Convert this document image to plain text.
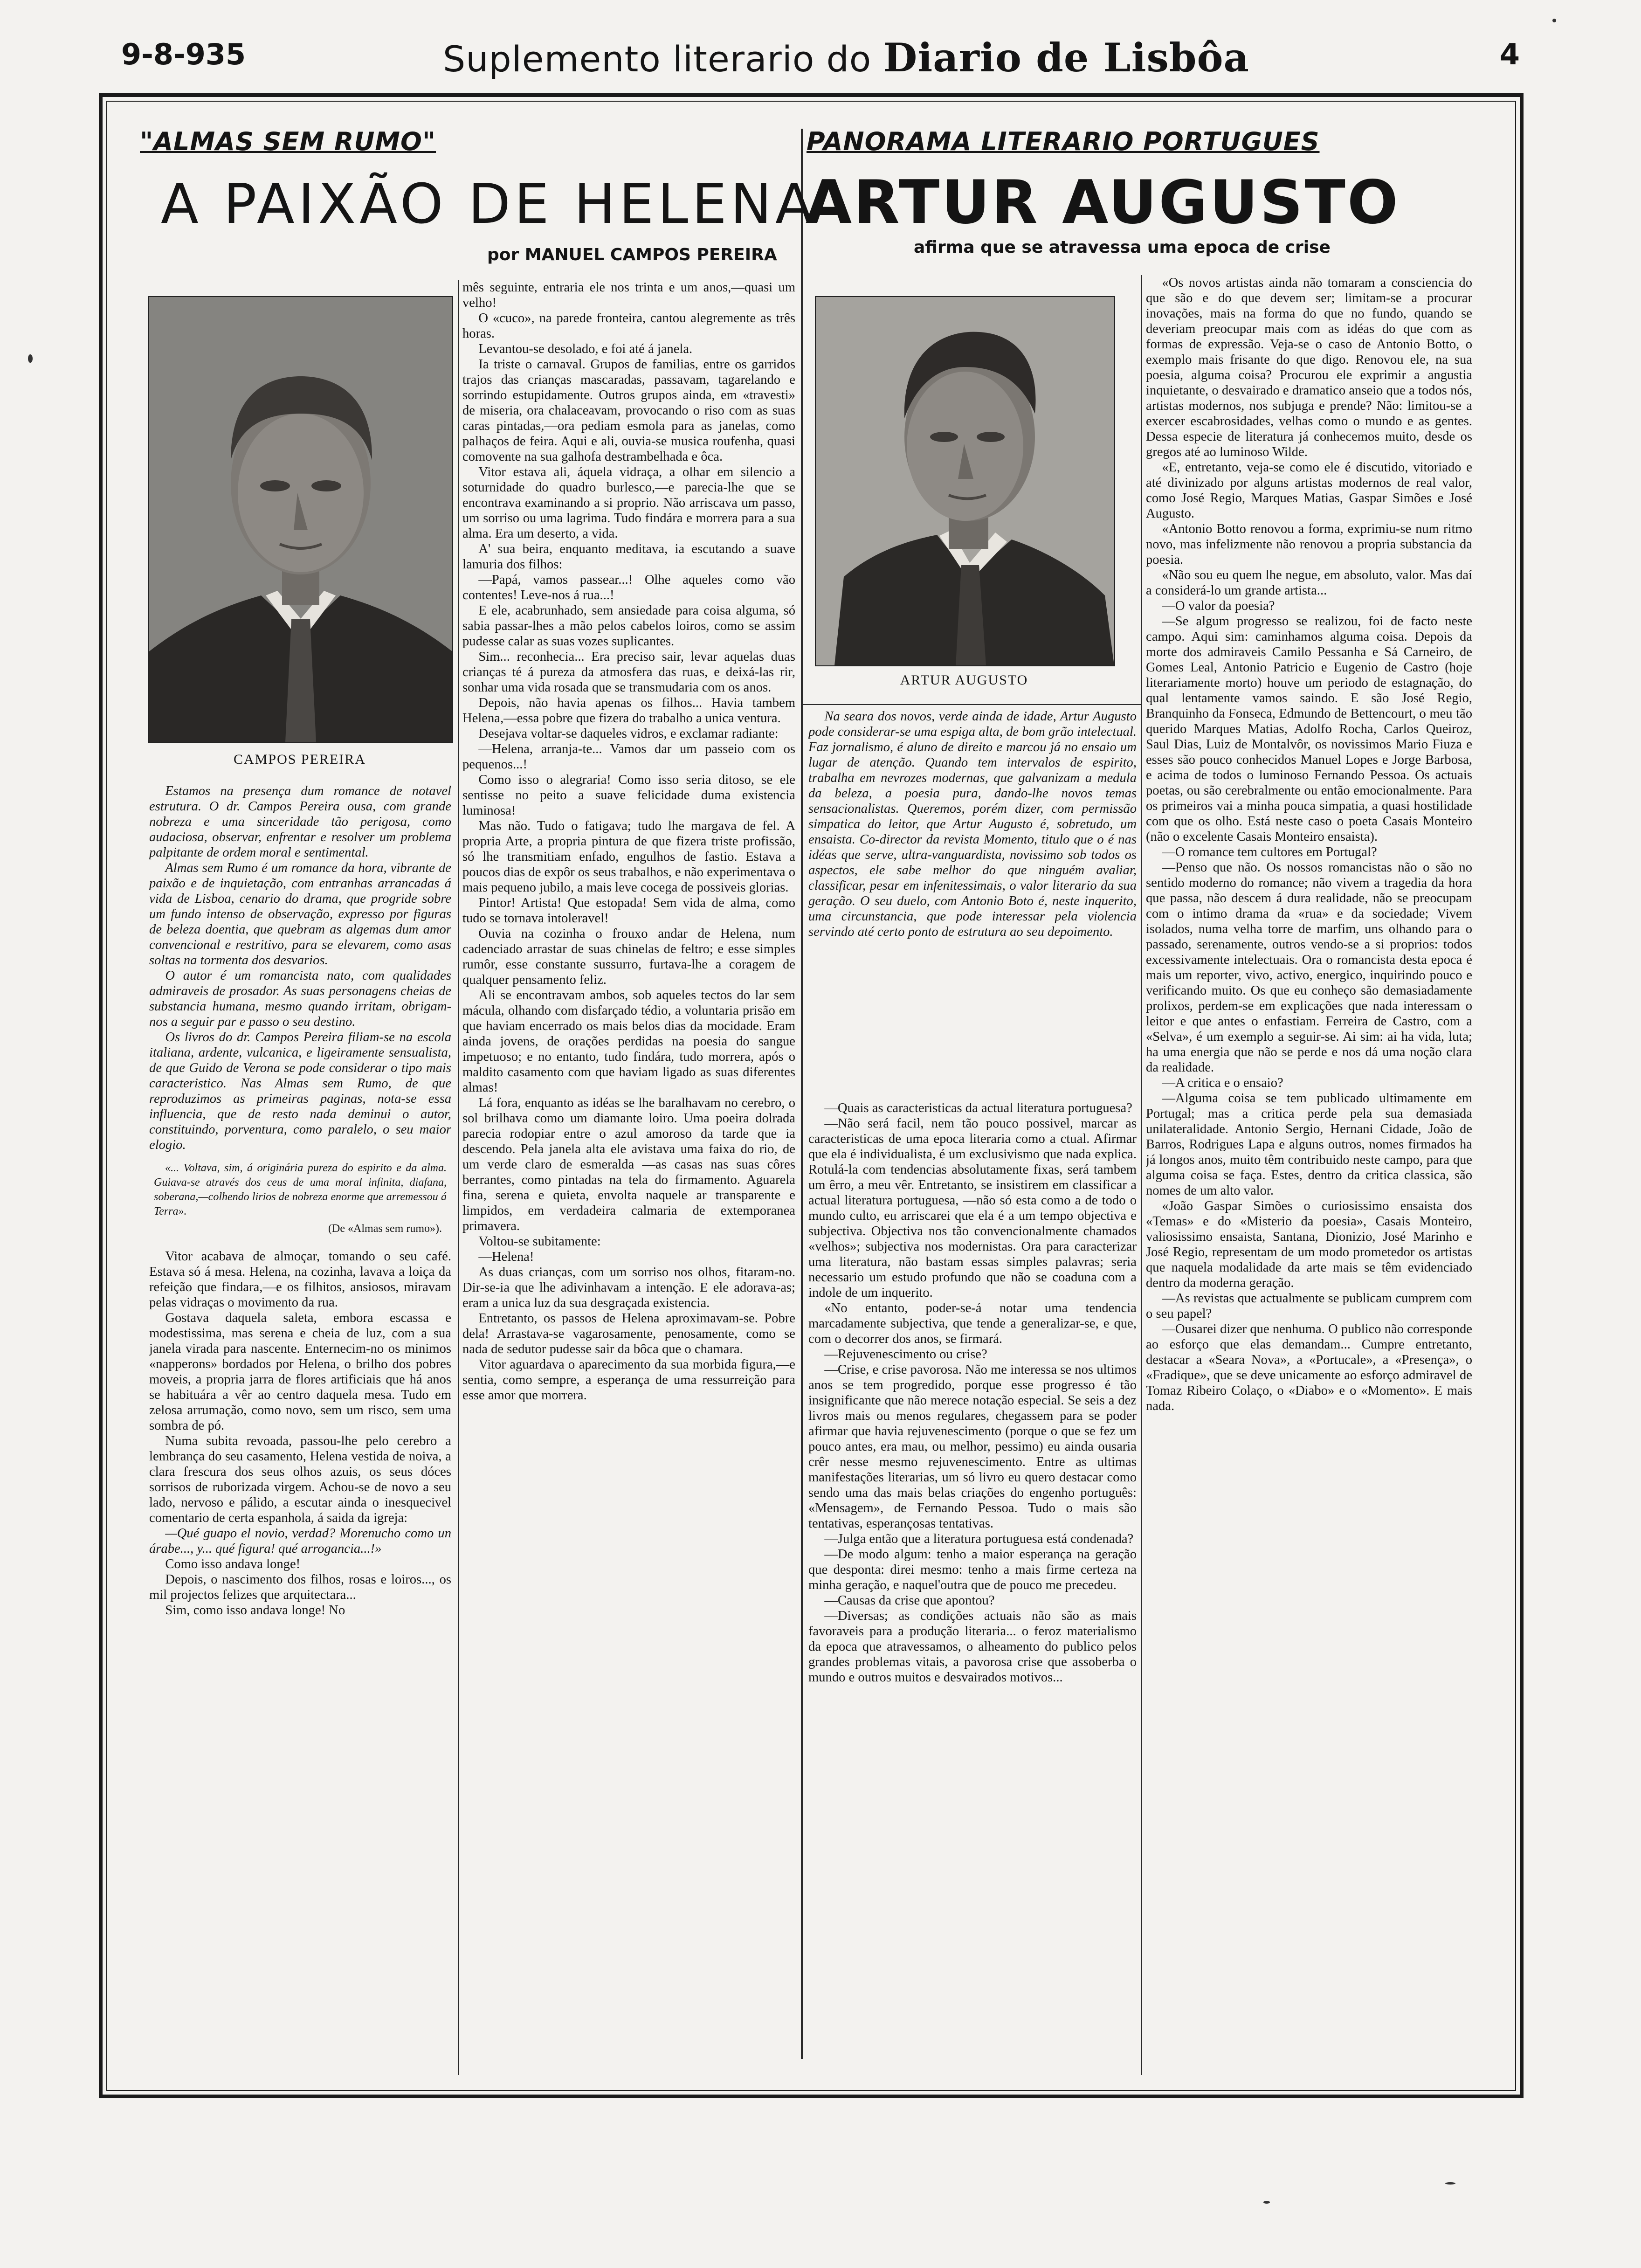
9-8-935	Suplemento literario do Diario de Lisbôa	4
"ALMAS SEM RUMO"
A PAIXÃO DE HELENA
por MANUEL CAMPOS PEREIRA
CAMPOS PEREIRA

Estamos na presença dum romance de notavel estrutura. O dr. Campos Pereira ousa, com grande nobreza e uma sinceridade tão perigosa, como audaciosa, observar, enfrentar e resolver um problema palpitante de ordem moral e sentimental.

Almas sem Rumo é um romance da hora, vibrante de paixão e de inquietação, com entranhas arrancadas á vida de Lisboa, cenario do drama, que progride sobre um fundo intenso de observação, expresso por figuras de beleza doentia, que quebram as algemas dum amor convencional e restritivo, para se elevarem, como asas soltas na tormenta dos desvarios.

O autor é um romancista nato, com qualidades admiraveis de prosador. As suas personagens cheias de substancia humana, mesmo quando irritam, obrigam-nos a seguir par e passo o seu destino.

Os livros do dr. Campos Pereira filiam-se na escola italiana, ardente, vulcanica, e ligeiramente sensualista, de que Guido de Verona se pode considerar o tipo mais caracteristico. Nas Almas sem Rumo, de que reproduzimos as primeiras paginas, nota-se essa influencia, que de resto nada deminui o autor, constituindo, porventura, como paralelo, o seu maior elogio.

«... Voltava, sim, á originária pureza do espirito e da alma. Guiava-se através dos ceus de uma moral infinita, diafana, soberana,—colhendo lirios de nobreza enorme que arremessou á Terra».

(De «Almas sem rumo»).

Vitor acabava de almoçar, tomando o seu café. Estava só á mesa. Helena, na cozinha, lavava a loiça da refeição que findara,—e os filhitos, ansiosos, miravam pelas vidraças o movimento da rua.

Gostava daquela saleta, embora escassa e modestissima, mas serena e cheia de luz, com a sua janela virada para nascente. Enternecim-no os minimos «napperons» bordados por Helena, o brilho dos pobres moveis, a propria jarra de flores artificiais que há anos se habituára a vêr ao centro daquela mesa. Tudo em zelosa arrumação, como novo, sem um risco, sem uma sombra de pó.

Numa subita revoada, passou-lhe pelo cerebro a lembrança do seu casamento, Helena vestida de noiva, a clara frescura dos seus olhos azuis, os seus dóces sorrisos de ruborizada virgem. Achou-se de novo a seu lado, nervoso e pálido, a escutar ainda o inesquecivel comentario de certa espanhola, á saida da igreja:

—Qué guapo el novio, verdad? Morenucho como un árabe..., y... qué figura! qué arrogancia...!»

Como isso andava longe!

Depois, o nascimento dos filhos, rosas e loiros..., os mil projectos felizes que arquitectara...

Sim, como isso andava longe! No

mês seguinte, entraria ele nos trinta e um anos,—quasi um velho!

O «cuco», na parede fronteira, cantou alegremente as três horas.

Levantou-se desolado, e foi até á janela.

Ia triste o carnaval. Grupos de familias, entre os garridos trajos das crianças mascaradas, passavam, tagarelando e sorrindo estupidamente. Outros grupos ainda, em «travesti» de miseria, ora chalaceavam, provocando o riso com as suas caras pintadas,—ora pediam esmola para as janelas, como palhaços de feira. Aqui e ali, ouvia-se musica roufenha, quasi comovente na sua galhofa destrambelhada e ôca.

Vitor estava ali, áquela vidraça, a olhar em silencio a soturnidade do quadro burlesco,—e parecia-lhe que se encontrava examinando a si proprio. Não arriscava um passo, um sorriso ou uma lagrima. Tudo findára e morrera para a sua alma. Era um deserto, a vida.

A' sua beira, enquanto meditava, ia escutando a suave lamuria dos filhos:

—Papá, vamos passear...! Olhe aqueles como vão contentes! Leve-nos á rua...!

E ele, acabrunhado, sem ansiedade para coisa alguma, só sabia passar-lhes a mão pelos cabelos loiros, como se assim pudesse calar as suas vozes suplicantes.

Sim... reconhecia... Era preciso sair, levar aquelas duas crianças té á pureza da atmosfera das ruas, e deixá-las rir, sonhar uma vida rosada que se transmudaria com os anos.

Depois, não havia apenas os filhos... Havia tambem Helena,—essa pobre que fizera do trabalho a unica ventura.

Desejava voltar-se daqueles vidros, e exclamar radiante:

—Helena, arranja-te... Vamos dar um passeio com os pequenos...!

Como isso o alegraria! Como isso seria ditoso, se ele sentisse no peito a suave felicidade duma existencia luminosa!

Mas não. Tudo o fatigava; tudo lhe margava de fel. A propria Arte, a propria pintura de que fizera triste profissão, só lhe transmitiam enfado, engulhos de fastio. Estava a poucos dias de expôr os seus trabalhos, e não experimentava o mais pequeno jubilo, a mais leve cocega de possiveis glorias.

Pintor! Artista! Que estopada! Sem vida de alma, como tudo se tornava intoleravel!

Ouvia na cozinha o frouxo andar de Helena, num cadenciado arrastar de suas chinelas de feltro; e esse simples rumôr, esse constante sussurro, furtava-lhe a coragem de qualquer pensamento feliz.

Ali se encontravam ambos, sob aqueles tectos do lar sem mácula, olhando com disfarçado tédio, a voluntaria prisão em que haviam encerrado os mais belos dias da mocidade. Eram ainda jovens, de orações perdidas na poesia do sangue impetuoso; e no entanto, tudo findára, tudo morrera, após o maldito casamento com que haviam ligado as suas diferentes almas!

Lá fora, enquanto as idéas se lhe baralhavam no cerebro, o sol brilhava como um diamante loiro. Uma poeira dolrada parecia rodopiar entre o azul amoroso da tarde que ia descendo. Pela janela alta ele avistava uma faixa do rio, de um verde claro de esmeralda —as casas nas suas côres berrantes, como pintadas na tela do firmamento. Aguarela fina, serena e quieta, envolta naquele ar transparente e limpidos, em verdadeira calmaria de extemporanea primavera.

Voltou-se subitamente:

—Helena!

As duas crianças, com um sorriso nos olhos, fitaram-no. Dir-se-ia que lhe adivinhavam a intenção. E ele adorava-as; eram a unica luz da sua desgraçada existencia.

Entretanto, os passos de Helena aproximavam-se. Pobre dela! Arrastava-se vagarosamente, penosamente, como se nada de sedutor pudesse sair da bôca que o chamara.

Vitor aguardava o aparecimento da sua morbida figura,—e sentia, como sempre, a esperança de uma ressurreição para esse amor que morrera.

PANORAMA LITERARIO PORTUGUES
ARTUR AUGUSTO
afirma que se atravessa uma epoca de crise
ARTUR AUGUSTO

Na seara dos novos, verde ainda de idade, Artur Augusto pode considerar-se uma espiga alta, de bom grão intelectual. Faz jornalismo, é aluno de direito e marcou já no ensaio um lugar de atenção. Quando tem intervalos de espirito, trabalha em nevrozes modernas, que galvanizam a medula da beleza, a poesia pura, dando-lhe novos temas sensacionalistas. Queremos, porém dizer, com permissão simpatica do leitor, que Artur Augusto é, sobretudo, um ensaista. Co-director da revista Momento, titulo que o é nas idéas que serve, ultra-vanguardista, novissimo sob todos os aspectos, ele sabe melhor do que ninguém avaliar, classificar, pesar em infenitessimais, o valor literario da sua geração. O seu duelo, com Antonio Boto é, neste inquerito, uma circunstancia, que pode interessar pela violencia servindo até certo ponto de estrutura ao seu depoimento.

—Quais as caracteristicas da actual literatura portuguesa?

—Não será facil, nem tão pouco possivel, marcar as caracteristicas de uma epoca literaria como a ctual. Afirmar que ela é individualista, é um exclusivismo que nada explica. Rotulá-la com tendencias absolutamente fixas, será tambem um êrro, a meu vêr. Entretanto, se insistirem em classificar a actual literatura portuguesa, —não só esta como a de todo o mundo culto, eu arriscarei que ela é a um tempo objectiva e subjectiva. Objectiva nos tão convencionalmente chamados «velhos»; subjectiva nos modernistas. Ora para caracterizar uma literatura, não bastam essas simples palavras; seria necessario um estudo profundo que não se coaduna com a indole de um inquerito.

«No entanto, poder-se-á notar uma tendencia marcadamente subjectiva, que tende a generalizar-se, e que, com o decorrer dos anos, se firmará.

—Rejuvenescimento ou crise?

—Crise, e crise pavorosa. Não me interessa se nos ultimos anos se tem progredido, porque esse progresso é tão insignificante que não merece notação especial. Se seis a dez livros mais ou menos regulares, chegassem para se poder afirmar que havia rejuvenescimento (porque o que se fez um pouco antes, era mau, ou melhor, pessimo) eu ainda ousaria crêr nesse mesmo rejuvenescimento. Entre as ultimas manifestações literarias, um só livro eu quero destacar como sendo uma das mais belas criações do engenho português: «Mensagem», de Fernando Pessoa. Tudo o mais são tentativas, esperançosas tentativas.

—Julga então que a literatura portuguesa está condenada?

—De modo algum: tenho a maior esperança na geração que desponta: direi mesmo: tenho a mais firme certeza na minha geração, e naquel'outra que de pouco me precedeu.

—Causas da crise que apontou?

—Diversas; as condições actuais não são as mais favoraveis para a produção literaria... o feroz materialismo da epoca que atravessamos, o alheamento do publico pelos grandes problemas vitais, a pavorosa crise que assoberba o mundo e outros muitos e desvairados motivos...

«Os novos artistas ainda não tomaram a consciencia do que são e do que devem ser; limitam-se a procurar inovações, mais na forma do que no fundo, quando se deveriam preocupar mais com as idéas do que com as formas de expressão. Veja-se o caso de Antonio Botto, o exemplo mais frisante do que digo. Renovou ele, na sua poesia, alguma coisa? Procurou ele exprimir a angustia inquietante, o desvairado e dramatico anseio que a todos nós, artistas modernos, nos subjuga e prende? Não: limitou-se a exercer escabrosidades, velhas como o mundo e as gentes. Dessa especie de literatura já conhecemos muito, desde os gregos até ao luminoso Wilde.

«E, entretanto, veja-se como ele é discutido, vitoriado e até divinizado por alguns artistas modernos de real valor, como José Regio, Marques Matias, Gaspar Simões e José Augusto.

«Antonio Botto renovou a forma, exprimiu-se num ritmo novo, mas infelizmente não renovou a propria substancia da poesia.

«Não sou eu quem lhe negue, em absoluto, valor. Mas daí a considerá-lo um grande artista...

—O valor da poesia?

—Se algum progresso se realizou, foi de facto neste campo. Aqui sim: caminhamos alguma coisa. Depois da morte dos admiraveis Camilo Pessanha e Sá Carneiro, de Gomes Leal, Antonio Patricio e Eugenio de Castro (hoje literariamente morto) houve um periodo de estagnação, do qual lentamente vamos saindo. E são José Regio, Branquinho da Fonseca, Edmundo de Bettencourt, o meu tão querido Marques Matias, Adolfo Rocha, Carlos Queiroz, Saul Dias, Luiz de Montalvôr, os novissimos Mario Fiuza e esses são pouco conhecidos Manuel Lopes e Jorge Barbosa, e acima de todos o luminoso Fernando Pessoa. Os actuais poetas, ou são cerebralmente ou então emocionalmente. Para os primeiros vai a minha pouca simpatia, a quasi hostilidade com que os olho. Está neste caso o poeta Casais Monteiro (não o excelente Casais Monteiro ensaista).

—O romance tem cultores em Portugal?

—Penso que não. Os nossos romancistas não o são no sentido moderno do romance; não vivem a tragedia da hora que passa, não descem á dura realidade, não se preocupam com o intimo drama da «rua» e da sociedade; Vivem isolados, numa velha torre de marfim, uns olhando para o passado, serenamente, outros vendo-se a si proprios: todos excessivamente intelectuais. Ora o romancista desta epoca é mais um reporter, vivo, activo, energico, inquirindo pouco e verificando muito. Os que eu conheço são demasiadamente prolixos, perdem-se em explicações que nada interessam o leitor e que antes o enfastiam. Ferreira de Castro, com a «Selva», é um exemplo a seguir-se. Ai sim: ai ha vida, luta; ha uma energia que não se perde e nos dá uma noção clara da realidade.

—A critica e o ensaio?

—Alguma coisa se tem publicado ultimamente em Portugal; mas a critica perde pela sua demasiada unilateralidade. Antonio Sergio, Hernani Cidade, João de Barros, Rodrigues Lapa e alguns outros, nomes firmados ha já longos anos, muito têm contribuido neste campo, para que alguma coisa se faça. Estes, dentro da critica classica, são nomes de um alto valor.

«João Gaspar Simões o curiosissimo ensaista dos «Temas» e do «Misterio da poesia», Casais Monteiro, valiosissimo ensaista, Santana, Dionizio, José Marinho e José Regio, representam de um modo prometedor os artistas que naquela modalidade da arte mais se têm evidenciado dentro da moderna geração.

—As revistas que actualmente se publicam cumprem com o seu papel?

—Ousarei dizer que nenhuma. O publico não corresponde ao esforço que elas demandam... Cumpre entretanto, destacar a «Seara Nova», a «Portucale», a «Presença», o «Fradique», que se deve unicamente ao esforço admiravel de Tomaz Ribeiro Colaço, o «Diabo» e o «Momento». E mais nada.
